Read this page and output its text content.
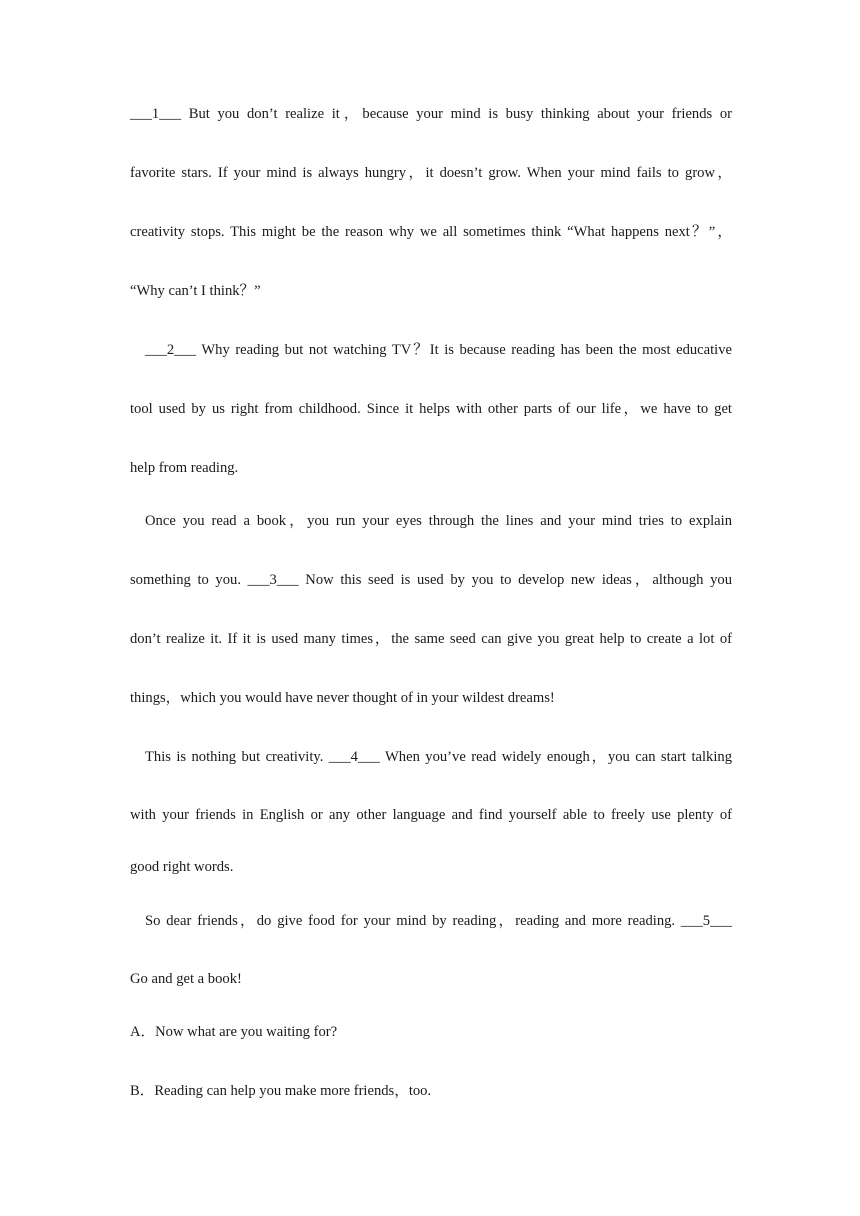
___1___ But you don’t realize it，because your mind is busy thinking about your friends or
favorite stars. If your mind is always hungry，it doesn’t grow. When your mind fails to grow，
creativity stops. This might be the reason why we all sometimes think “What happens next？”，
“Why can’t I think？”
___2___ Why reading but not watching TV？It is because reading has been the most educative
tool used by us right from childhood. Since it helps with other parts of our life，we have to get
help from reading.
Once you read a book，you run your eyes through the lines and your mind tries to explain
something to you. ___3___ Now this seed is used by you to develop new ideas，although you
don’t realize it. If it is used many times，the same seed can give you great help to create a lot of
things，which you would have never thought of in your wildest dreams!
This is nothing but creativity. ___4___ When you’ve read widely enough，you can start talking
with your friends in English or any other language and find yourself able to freely use plenty of
good right words.
So dear friends，do give food for your mind by reading，reading and more reading. ___5___
Go and get a book!
A．Now what are you waiting for?
B．Reading can help you make more friends，too.
